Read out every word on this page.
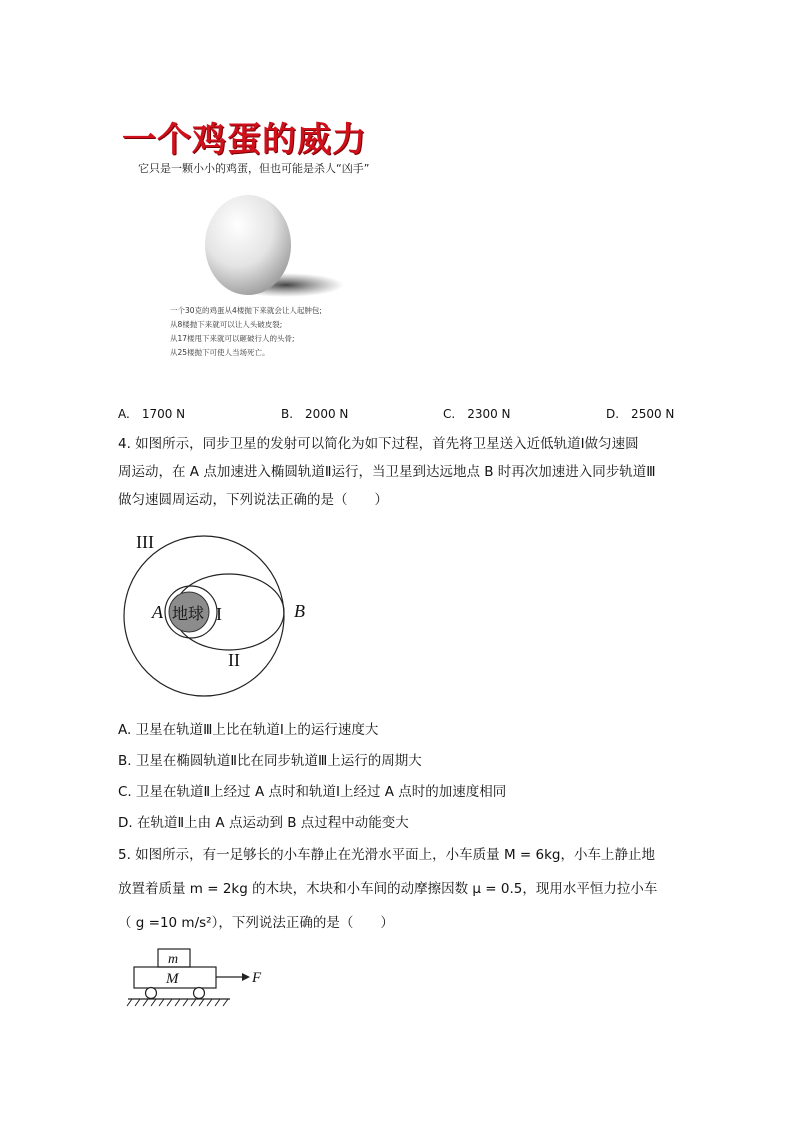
一个鸡蛋的威力
它只是一颗小小的鸡蛋，但也可能是杀人“凶手”
一个30克的鸡蛋从4楼抛下来就会让人起肿包;
从8楼抛下来就可以让人头破皮裂;
从17楼甩下来就可以砸破行人的头骨;
从25楼抛下可使人当场死亡。
A.　1700 N	B.　2000 N	C.　2300 N	D.　2500 N
4. 如图所示，同步卫星的发射可以简化为如下过程，首先将卫星送入近低轨道Ⅰ做匀速圆
周运动，在 A 点加速进入椭圆轨道Ⅱ运行，当卫星到达远地点 B 时再次加速进入同步轨道Ⅲ
做匀速圆周运动，下列说法正确的是（　　）
III
A 地球 I	B
II
A. 卫星在轨道Ⅲ上比在轨道Ⅰ上的运行速度大
B. 卫星在椭圆轨道Ⅱ比在同步轨道Ⅲ上运行的周期大
C. 卫星在轨道Ⅱ上经过 A 点时和轨道Ⅰ上经过 A 点时的加速度相同
D. 在轨道Ⅱ上由 A 点运动到 B 点过程中动能变大
5. 如图所示，有一足够长的小车静止在光滑水平面上，小车质量 M = 6kg，小车上静止地
放置着质量 m = 2kg 的木块，木块和小车间的动摩擦因数 μ = 0.5，现用水平恒力拉小车
（ g =10 m/s²），下列说法正确的是（　　）
m
M	F
